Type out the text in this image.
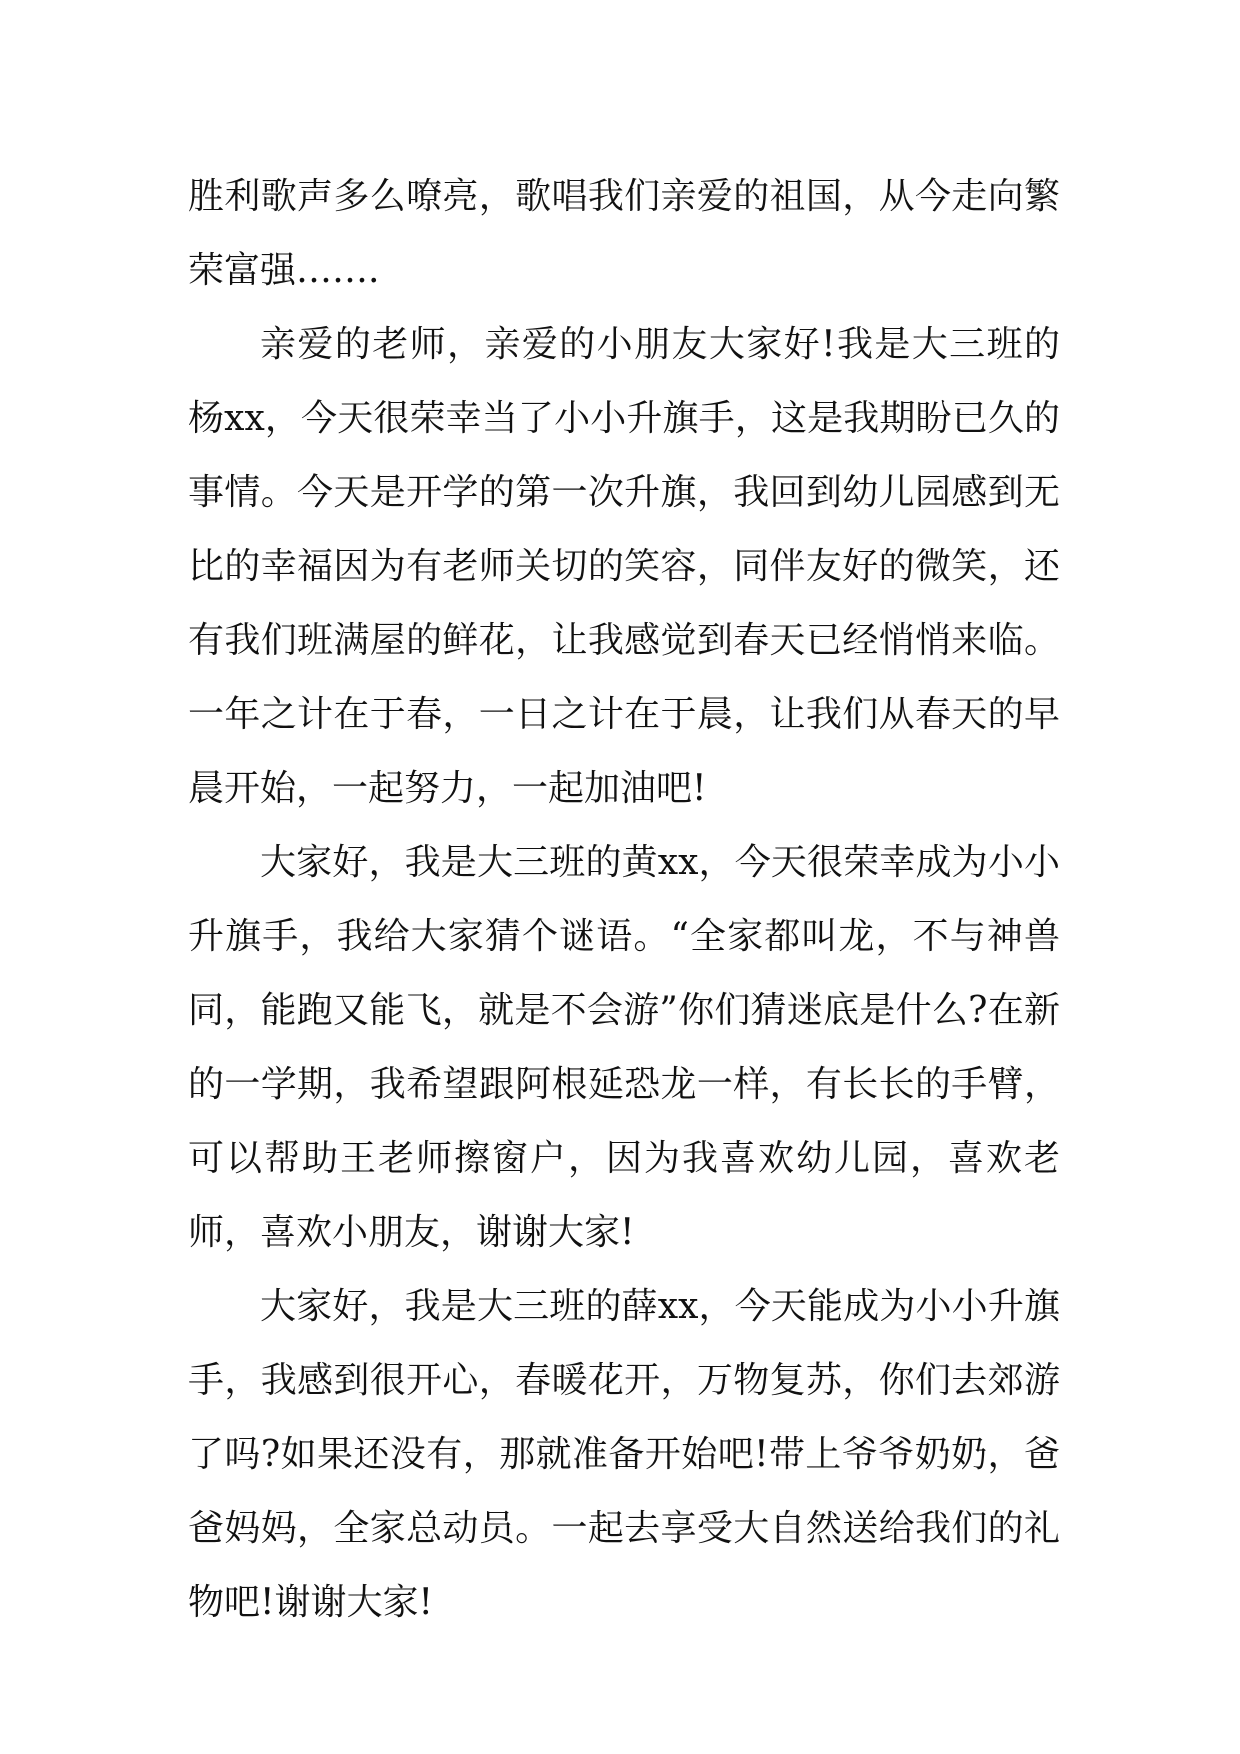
胜利歌声多么嘹亮，歌唱我们亲爱的祖国，从今走向繁荣富强…….

亲爱的老师，亲爱的小朋友大家好!我是大三班的杨xx，今天很荣幸当了小小升旗手，这是我期盼已久的事情。今天是开学的第一次升旗，我回到幼儿园感到无比的幸福因为有老师关切的笑容，同伴友好的微笑，还有我们班满屋的鲜花，让我感觉到春天已经悄悄来临。一年之计在于春，一日之计在于晨，让我们从春天的早晨开始，一起努力，一起加油吧!

大家好，我是大三班的黄xx，今天很荣幸成为小小升旗手，我给大家猜个谜语。“全家都叫龙，不与神兽同，能跑又能飞，就是不会游”你们猜迷底是什么?在新的一学期，我希望跟阿根延恐龙一样，有长长的手臂，可以帮助王老师擦窗户，因为我喜欢幼儿园，喜欢老师，喜欢小朋友，谢谢大家!

大家好，我是大三班的薛xx，今天能成为小小升旗手，我感到很开心，春暖花开，万物复苏，你们去郊游了吗?如果还没有，那就准备开始吧!带上爷爷奶奶，爸爸妈妈，全家总动员。一起去享受大自然送给我们的礼物吧!谢谢大家!
